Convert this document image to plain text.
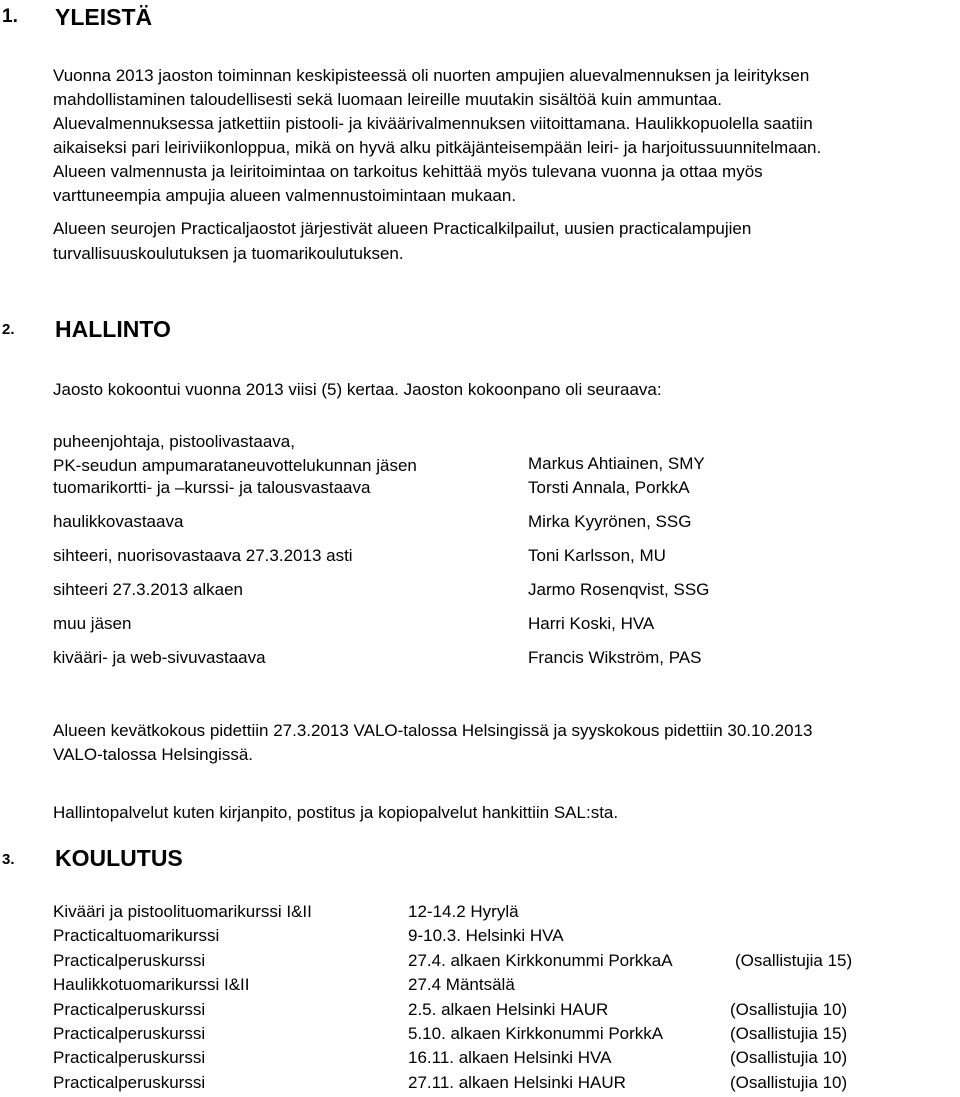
1. YLEISTÄ
Vuonna 2013 jaoston toiminnan keskipisteessä oli nuorten ampujien aluevalmennuksen ja leirityksen
mahdollistaminen taloudellisesti sekä luomaan leireille muutakin sisältöä kuin ammuntaa.
Aluevalmennuksessa jatkettiin pistooli- ja kiväärivalmennuksen viitoittamana. Haulikkopuolella saatiin
aikaiseksi pari leiriviikonloppua, mikä on hyvä alku pitkäjänteisempään leiri- ja harjoitussuunnitelmaan.
Alueen valmennusta ja leiritoimintaa on tarkoitus kehittää myös tulevana vuonna ja ottaa myös
varttuneempia ampujia alueen valmennustoimintaan mukaan.
Alueen seurojen Practicaljaostot järjestivät alueen Practicalkilpailut, uusien practicalampujien
turvallisuuskoulutuksen ja tuomarikoulutuksen.
2. HALLINTO
Jaosto kokoontui vuonna 2013 viisi (5) kertaa. Jaoston kokoonpano oli seuraava:
puheenjohtaja, pistoolivastaava,
PK-seudun ampumarataneuvottelukunnan jäsen	Markus Ahtiainen, SMY
tuomarikortti- ja –kurssi- ja talousvastaava	Torsti Annala, PorkkA
haulikkovastaava	Mirka Kyyrönen, SSG
sihteeri, nuorisovastaava 27.3.2013 asti	Toni Karlsson, MU
sihteeri 27.3.2013 alkaen	Jarmo Rosenqvist, SSG
muu jäsen	Harri Koski, HVA
kivääri- ja web-sivuvastaava	Francis Wikström, PAS
Alueen kevätkokous pidettiin 27.3.2013 VALO-talossa Helsingissä ja syyskokous pidettiin 30.10.2013
VALO-talossa Helsingissä.
Hallintopalvelut kuten kirjanpito, postitus ja kopiopalvelut hankittiin SAL:sta.
3. KOULUTUS
Kivääri ja pistoolituomarikurssi I&II	12-14.2 Hyrylä
Practicaltuomarikurssi	9-10.3. Helsinki HVA
Practicalperuskurssi	27.4. alkaen Kirkkonummi PorkkaA	(Osallistujia 15)
Haulikkotuomarikurssi I&II	27.4 Mäntsälä
Practicalperuskurssi	2.5. alkaen Helsinki HAUR	(Osallistujia 10)
Practicalperuskurssi	5.10. alkaen Kirkkonummi PorkkA	(Osallistujia 15)
Practicalperuskurssi	16.11. alkaen Helsinki HVA	(Osallistujia 10)
Practicalperuskurssi	27.11. alkaen Helsinki HAUR	(Osallistujia 10)
